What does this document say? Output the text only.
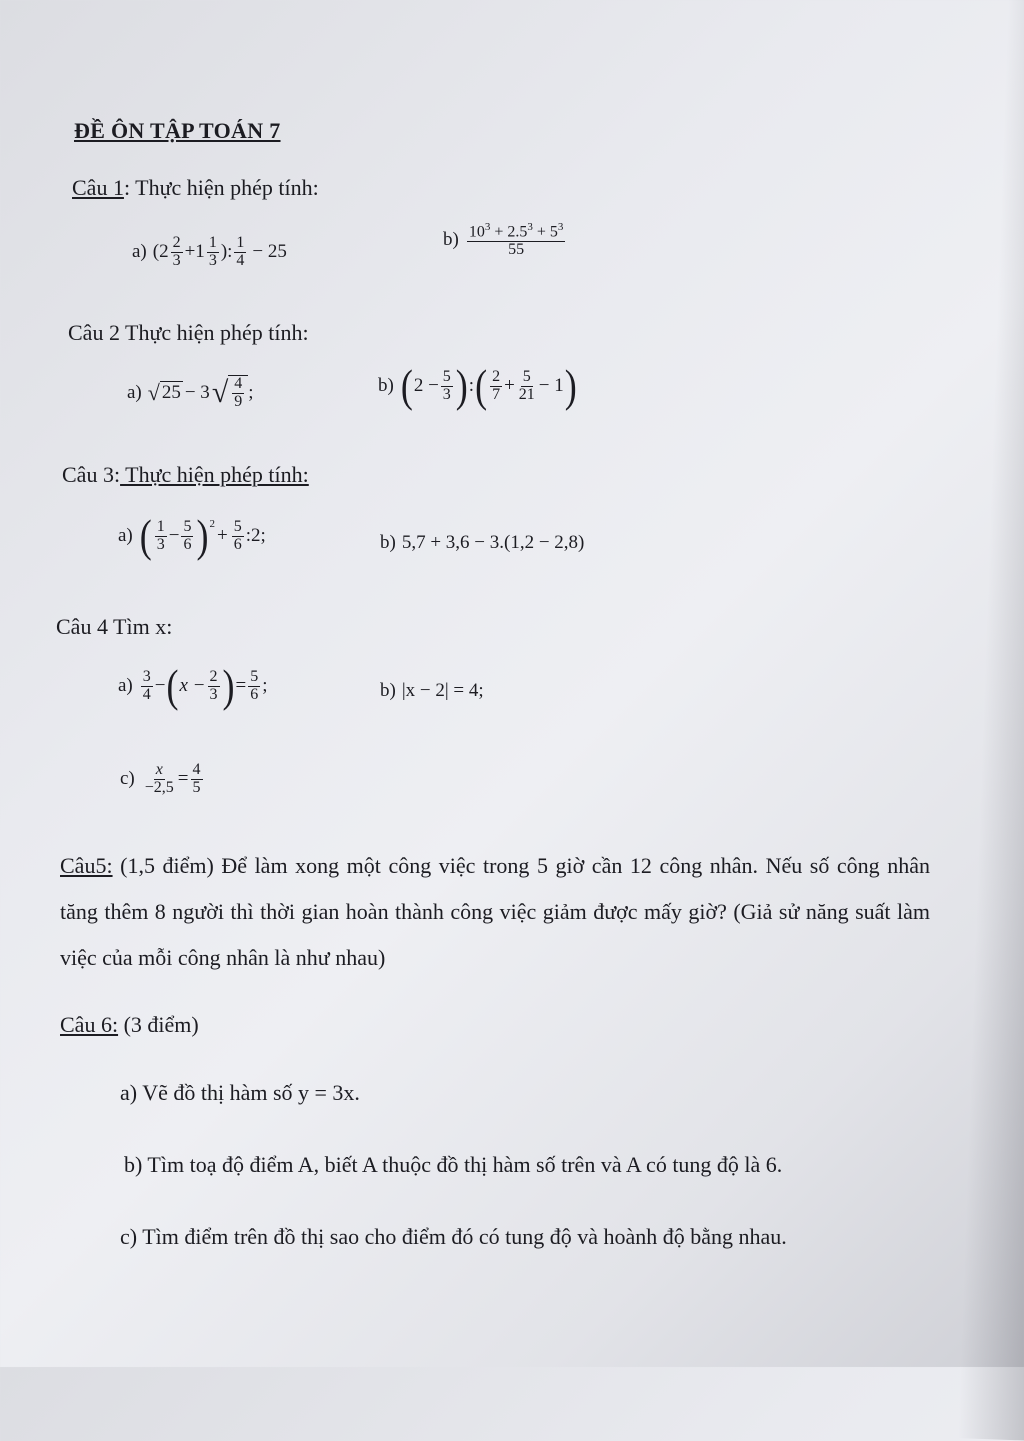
ĐỀ ÔN TẬP TOÁN 7
Câu 1: Thực hiện phép tính:
a) ($2 \frac{2}{3} +1 \frac{1}{3}$ ): $\frac{1}{4} - 25$
$b) \frac{10^3 + 2.5^3 + 5^3}{55}$
Câu 2 Thực hiện phép tính:
a) √ 25 − 3 √ $\frac{4}{9}$ ;	b) ( $2 - \frac{5}{3}$ ) : ( $\frac{2}{7} + \frac{5}{21} - 1$ )
Câu 3: Thực hiện phép tính:
a) ( $\frac{1}{3} - \frac{5}{6} )^2$
+ $\frac{5}{6}$ :2;	b) 5,7 + 3,6 − 3.(1,2 − 2,8)
Câu 4 Tìm x:
$a) \frac{3}{4}$ − ( $x - \frac{2}{3}$ ) = $\frac{5}{6}$ ;	b) |x − 2| = 4;
$c) \frac{x}{-2,5} = \frac{4}{5}$
Câu5: (1,5 điểm) Để làm xong một công việc trong 5 giờ cần 12 công nhân. Nếu số công nhân tăng thêm 8 người thì thời gian hoàn thành công việc giảm được mấy giờ? (Giả sử năng suất làm việc của mỗi công nhân là như nhau)
Câu 6: (3 điểm)
a) Vẽ đồ thị hàm số y = 3x.
b) Tìm toạ độ điểm A, biết A thuộc đồ thị hàm số trên và A có tung độ là 6.
c) Tìm điểm trên đồ thị sao cho điểm đó có tung độ và hoành độ bằng nhau.
